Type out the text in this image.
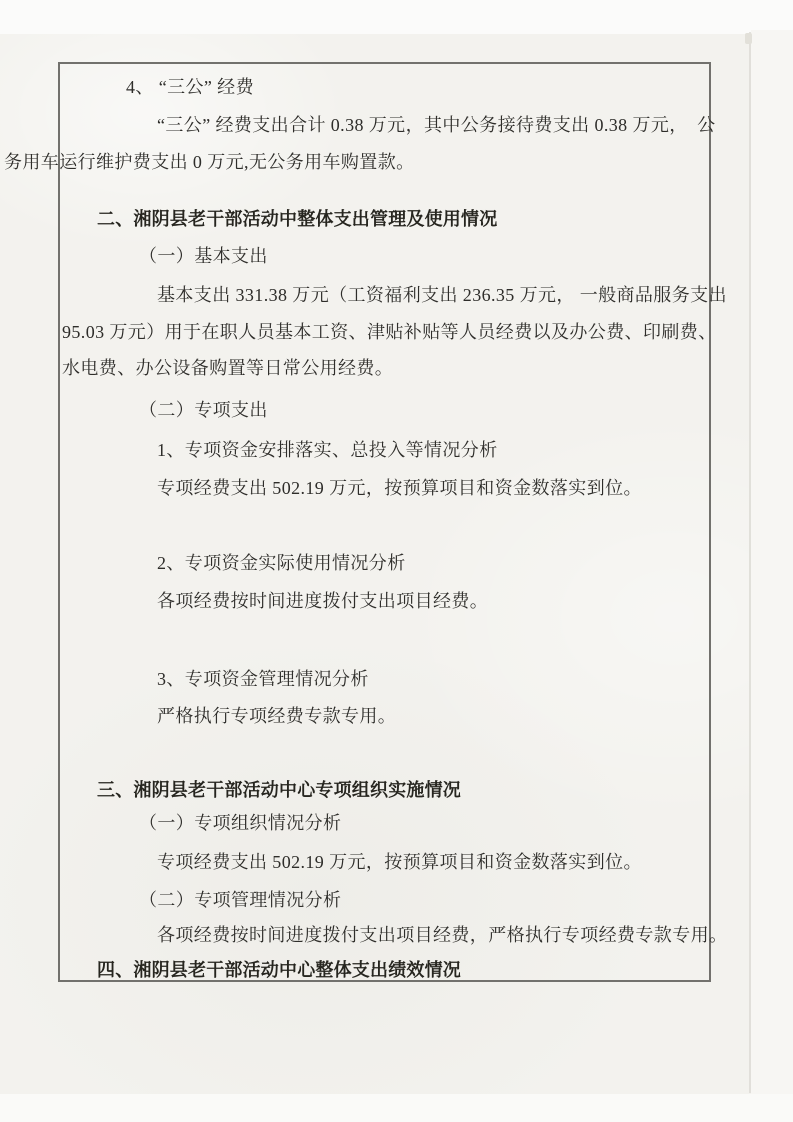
4、 “三公” 经费
“三公” 经费支出合计 0.38 万元，其中公务接待费支出 0.38 万元，　公
务用车运行维护费支出 0 万元,无公务用车购置款。
二、湘阴县老干部活动中整体支出管理及使用情况
（一）基本支出
基本支出 331.38 万元（工资福利支出 236.35 万元， 一般商品服务支出
95.03 万元）用于在职人员基本工资、津贴补贴等人员经费以及办公费、印刷费、
水电费、办公设备购置等日常公用经费。
（二）专项支出
1、专项资金安排落实、总投入等情况分析
专项经费支出 502.19 万元，按预算项目和资金数落实到位。
2、专项资金实际使用情况分析
各项经费按时间进度拨付支出项目经费。
3、专项资金管理情况分析
严格执行专项经费专款专用。
三、湘阴县老干部活动中心专项组织实施情况
（一）专项组织情况分析
专项经费支出 502.19 万元，按预算项目和资金数落实到位。
（二）专项管理情况分析
各项经费按时间进度拨付支出项目经费，严格执行专项经费专款专用。
四、湘阴县老干部活动中心整体支出绩效情况
